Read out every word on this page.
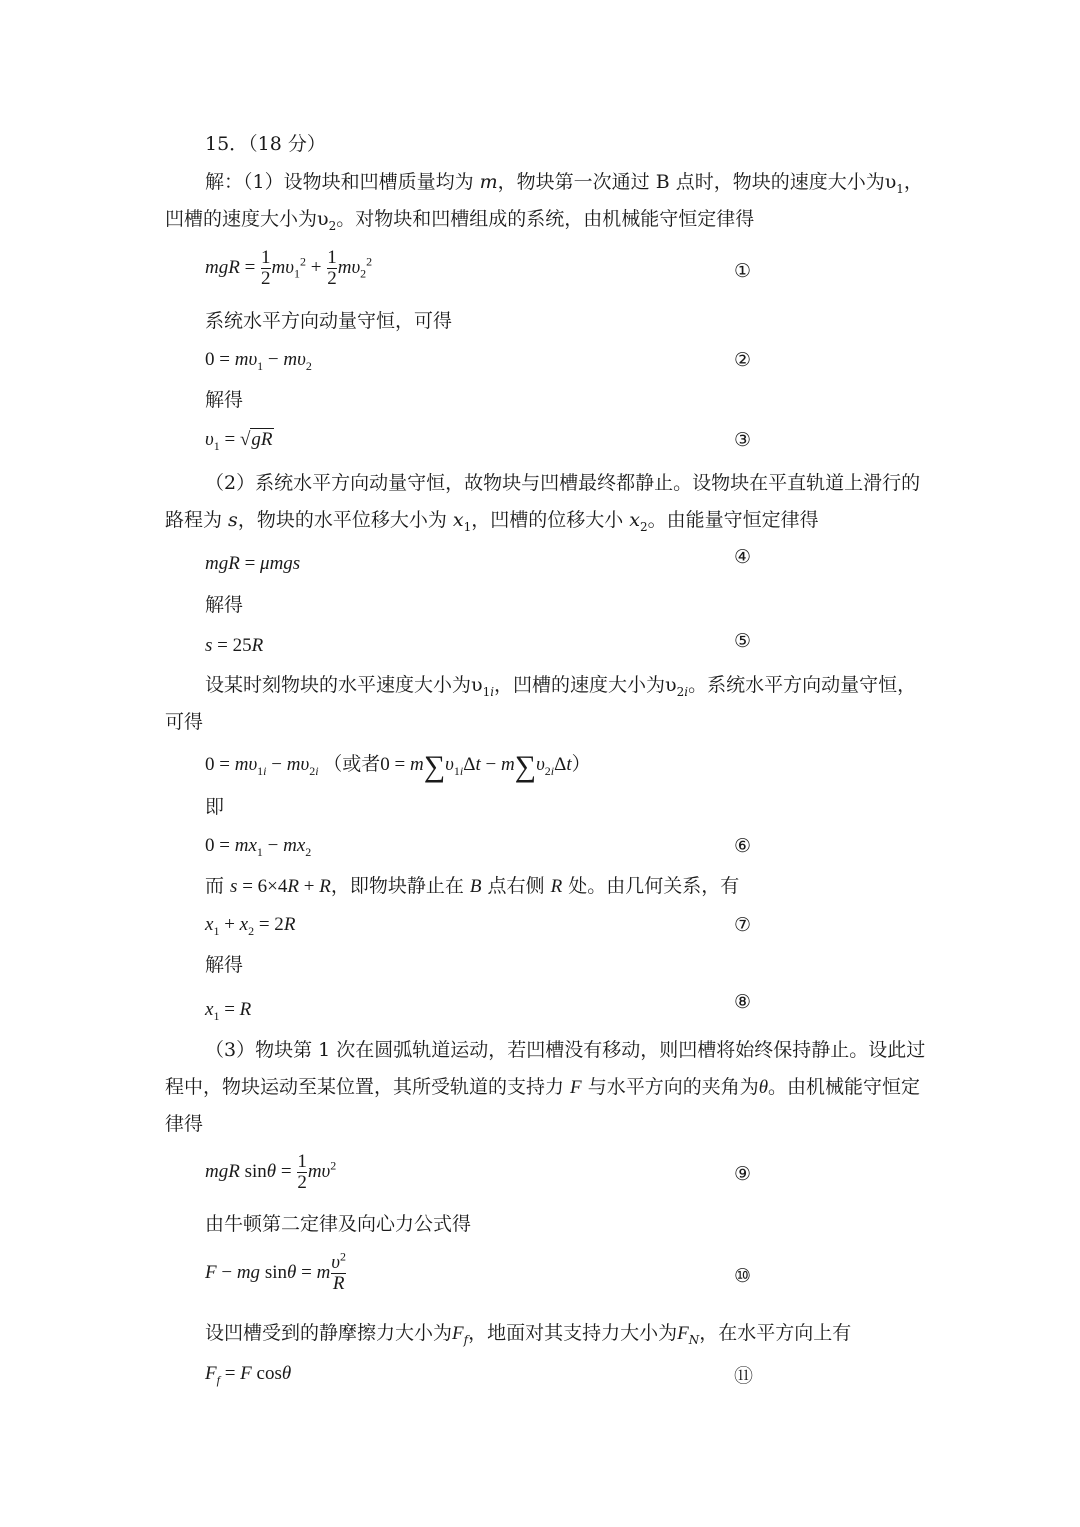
15．（18 分）
解：（1）设物块和凹槽质量均为 m，物块第一次通过 B 点时，物块的速度大小为$\upsilon_1$，
凹槽的速度大小为$\upsilon_2$。对物块和凹槽组成的系统，由机械能守恒定律得
mgR = $\frac{1}{2} m\upsilon_1^2 + \frac{1}{2} m\upsilon_2^2$	①
系统水平方向动量守恒，可得
$0 = m\upsilon_1 - m\upsilon_2$	②
解得
$\upsilon_1 = √gR$	③
（2）系统水平方向动量守恒，故物块与凹槽最终都静止。设物块在平直轨道上滑行的
路程为 s，物块的水平位移大小为 $x_1$，凹槽的位移大小 $x_2$。由能量守恒定律得
mgR = μmgs	④
解得
s = 25R	⑤
设某时刻物块的水平速度大小为$\upsilon_{1i}$，凹槽的速度大小为$\upsilon_{2i}$。系统水平方向动量守恒，
可得
$0 = m\upsilon_{1i} - m\upsilon_{2i}$ （或者$0 = m\sum\upsilon_{1i}\Delta t - m\sum\upsilon_{2i}\Delta t$）
即
$0 = mx_1 - mx_2$	⑥
而 s = 6×4R + R，即物块静止在 B 点右侧 R 处。由几何关系，有
$x_1 + x_2 = 2R$	⑦
解得
$x_1 = R$	⑧
（3）物块第 1 次在圆弧轨道运动，若凹槽没有移动，则凹槽将始终保持静止。设此过
程中，物块运动至某位置，其所受轨道的支持力 F 与水平方向的夹角为θ。由机械能守恒定
律得
mgR $\sin\theta = \frac{1}{2} m\upsilon^2$	⑨
由牛顿第二定律及向心力公式得
F − mg sinθ = m $\frac{\upsilon^2}{R}$	⑩
设凹槽受到的静摩擦力大小为$F_f$，地面对其支持力大小为$F_N$，在水平方向上有
$F_f = F$ cosθ	⑪
